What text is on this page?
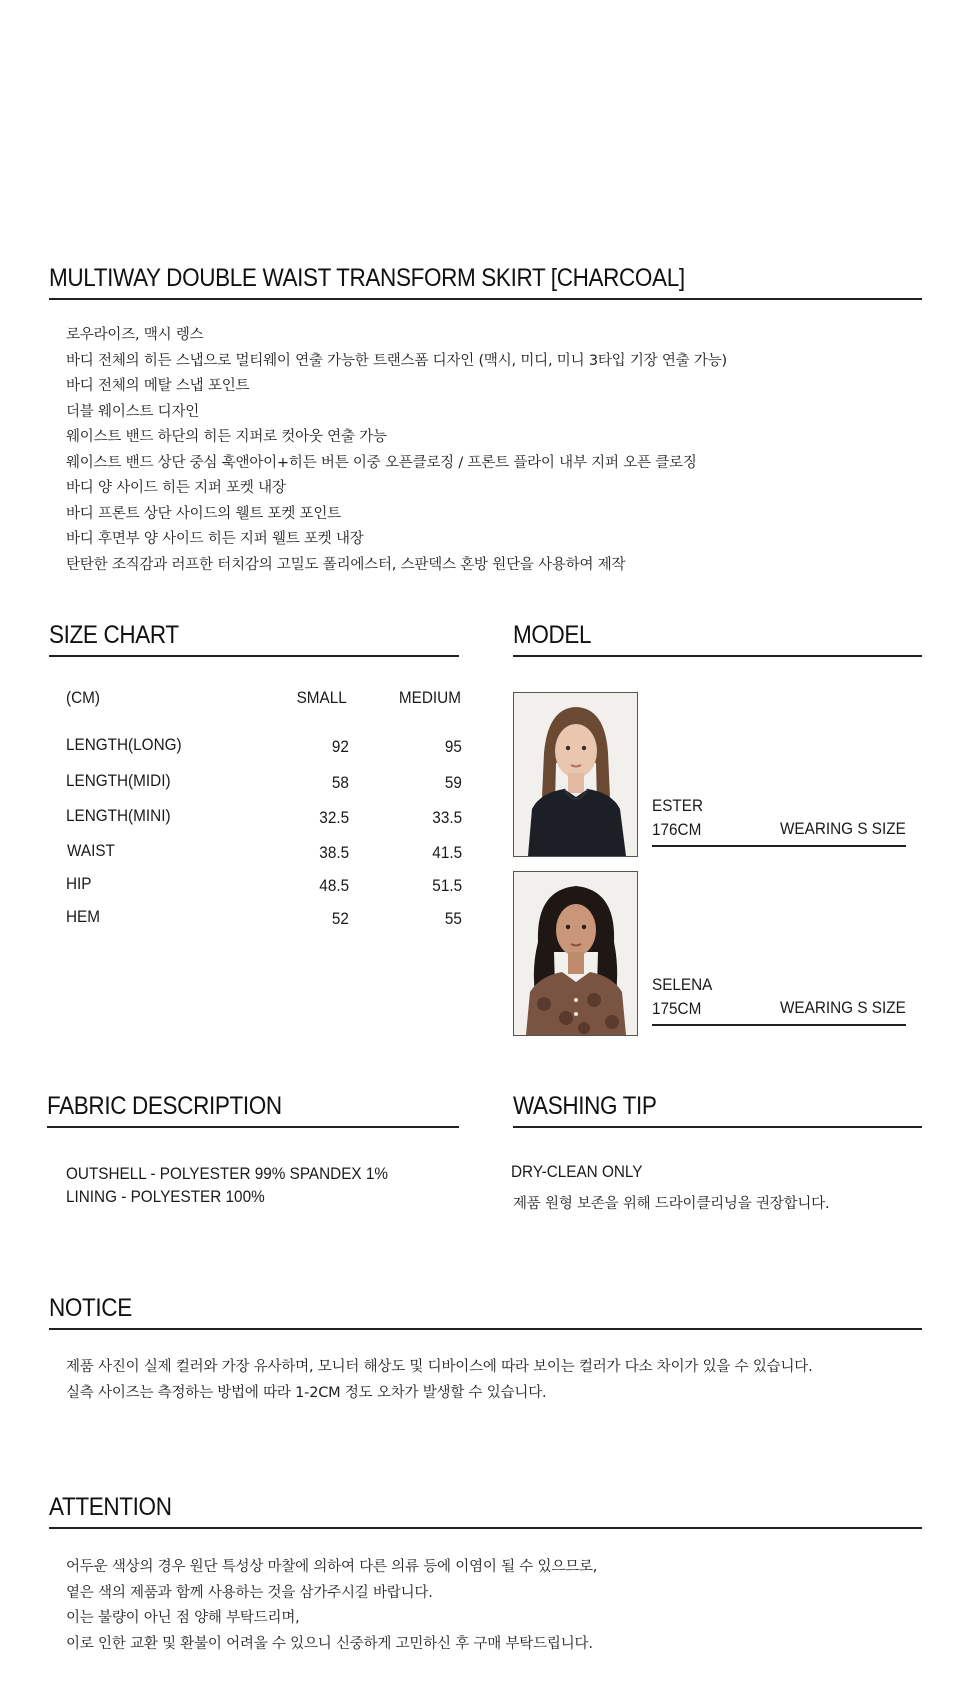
MULTIWAY DOUBLE WAIST TRANSFORM SKIRT [CHARCOAL]
로우라이즈, 맥시 렝스
바디 전체의 히든 스냅으로 멀티웨이 연출 가능한 트랜스폼 디자인 (맥시, 미디, 미니 3타입 기장 연출 가능)
바디 전체의 메탈 스냅 포인트
더블 웨이스트 디자인
웨이스트 밴드 하단의 히든 지퍼로 컷아웃 연출 가능
웨이스트 밴드 상단 중심 훅앤아이+히든 버튼 이중 오픈클로징 / 프론트 플라이 내부 지퍼 오픈 클로징
바디 양 사이드 히든 지퍼 포켓 내장
바디 프론트 상단 사이드의 웰트 포켓 포인트
바디 후면부 양 사이드 히든 지퍼 웰트 포켓 내장
탄탄한 조직감과 러프한 터치감의 고밀도 폴리에스터, 스판덱스 혼방 원단을 사용하여 제작
SIZE CHART
(CM)	SMALL	MEDIUM
LENGTH(LONG)	92	95
LENGTH(MIDI)	58	59
LENGTH(MINI)	32.5	33.5
WAIST	38.5	41.5
HIP	48.5	51.5
HEM	52	55
MODEL
ESTER
176CM	WEARING S SIZE
SELENA
175CM	WEARING S SIZE
FABRIC DESCRIPTION
OUTSHELL - POLYESTER 99% SPANDEX 1%
LINING - POLYESTER 100%
WASHING TIP
DRY-CLEAN ONLY
제품 원형 보존을 위해 드라이클리닝을 권장합니다.
NOTICE
제품 사진이 실제 컬러와 가장 유사하며, 모니터 해상도 및 디바이스에 따라 보이는 컬러가 다소 차이가 있을 수 있습니다.
실측 사이즈는 측정하는 방법에 따라 1-2CM 정도 오차가 발생할 수 있습니다.
ATTENTION
어두운 색상의 경우 원단 특성상 마찰에 의하여 다른 의류 등에 이염이 될 수 있으므로,
옅은 색의 제품과 함께 사용하는 것을 삼가주시길 바랍니다.
이는 불량이 아닌 점 양해 부탁드리며,
이로 인한 교환 및 환불이 어려울 수 있으니 신중하게 고민하신 후 구매 부탁드립니다.
